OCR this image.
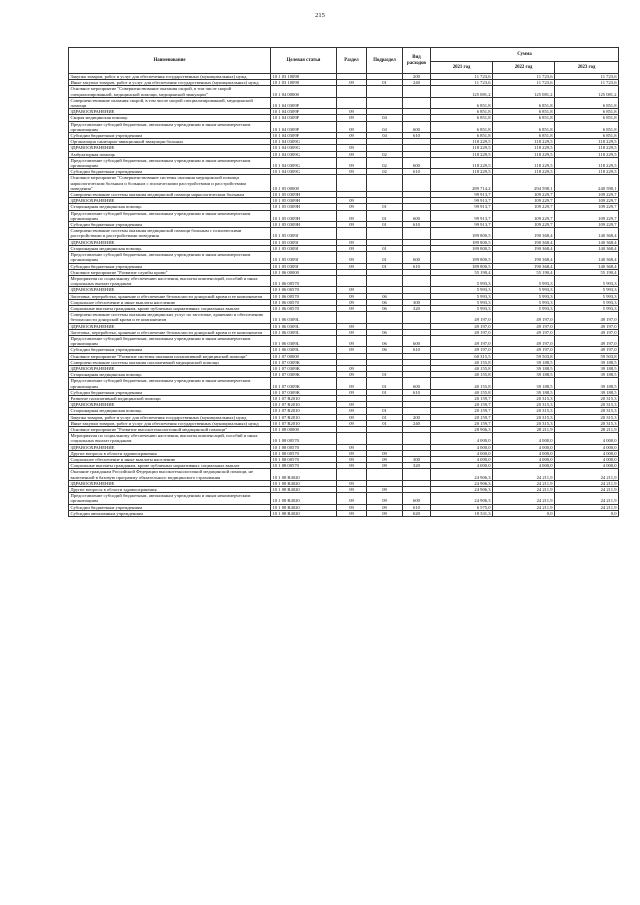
215
Наименование	Целевая статья	Раздел	Подраздел	Вид расходов	Сумма		
					2021 год	2022 год	2023 год
Закупка товаров, работ и услуг для обеспечения государственных (муниципальных) нужд	10 1 03 10098			200	11 723,6	11 723,6	11 723,6
Иные закупки товаров, работ и услуг для обеспечения государственных (муниципальных) нужд	10 1 03 10098	09	01	240	11 723,6	11 723,6	11 723,6
Основное мероприятие "Совершенствование оказания скорой, в том числе скорой специализированной, медицинской помощи, медицинской эвакуации"	10 1 04 00000				125 081,2	125 081,2	125 081,2
Совершенствование оказания скорой, в том числе скорой специализированной, медицинской помощи	10 1 04 0309F				6 851,8	6 851,8	6 851,8
ЗДРАВООХРАНЕНИЕ	10 1 04 0309F	09			6 851,8	6 851,8	6 851,8
Скорая медицинская помощь	10 1 04 0309F	09	04		6 851,8	6 851,8	6 851,8
Предоставление субсидий бюджетным, автономным учреждениям и иным некоммерческим организациям	10 1 04 0309F	09	04	600	6 851,8	6 851,8	6 851,8
Субсидии бюджетным учреждениям	10 1 04 0309F	09	04	610	6 851,8	6 851,8	6 851,8
Организация санитарно-авиационной эвакуации больных	10 1 04 0309G				118 229,5	118 229,5	118 229,5
ЗДРАВООХРАНЕНИЕ	10 1 04 0309G	09			118 229,5	118 229,5	118 229,5
Амбулаторная помощь	10 1 04 0309G	09	02		118 229,5	118 229,5	118 229,5
Предоставление субсидий бюджетным, автономным учреждениям и иным некоммерческим организациям	10 1 04 0309G	09	02	600	118 229,5	118 229,5	118 229,5
Субсидии бюджетным учреждениям	10 1 04 0309G	09	02	610	118 229,5	118 229,5	118 229,5
Основное мероприятие "Совершенствование системы оказания медицинской помощи наркологическим больным и больным с психическими расстройствами и расстройствами поведения"	10 1 05 00000				289 714,2	294 598,1	240 598,1
Совершенствование системы оказания медицинской помощи наркологическим больным	10 1 05 0309H				99 913,7	109 229,7	109 229,7
ЗДРАВООХРАНЕНИЕ	10 1 05 0309H	09			99 913,7	109 229,7	109 229,7
Стационарная медицинская помощь	10 1 05 0309H	09	01		99 913,7	109 229,7	109 229,7
Предоставление субсидий бюджетным, автономным учреждениям и иным некоммерческим организациям	10 1 05 0309H	09	01	600	99 913,7	109 229,7	109 229,7
Субсидии бюджетным учреждениям	10 1 05 0309H	09	01	610	99 913,7	109 229,7	109 229,7
Совершенствование системы оказания медицинской помощи больным с психическими расстройствами и расстройствами поведения	10 1 05 0309J				189 800,5	190 368,4	140 368,4
ЗДРАВООХРАНЕНИЕ	10 1 05 0309J	09			189 800,5	190 368,4	140 368,4
Стационарная медицинская помощь	10 1 05 0309J	09	01		189 800,5	190 368,4	140 368,4
Предоставление субсидий бюджетным, автономным учреждениям и иным некоммерческим организациям	10 1 05 0309J	09	01	600	189 800,5	190 368,4	140 368,4
Субсидии бюджетным учреждениям	10 1 05 0309J	09	01	610	189 800,5	190 368,4	140 368,4
Основное мероприятие "Развитие службы крови"	10 1 06 00000				55 190,4	55 190,4	55 190,4
Мероприятия по социальному обеспечению населения, выплаты компенсаций, пособий и иных социальных выплат гражданам	10 1 06 00570				5 993,3	5 993,3	5 993,3
ЗДРАВООХРАНЕНИЕ	10 1 06 00570	09			5 993,3	5 993,3	5 993,3
Заготовка, переработка, хранение и обеспечение безопасности донорской крови и ее компонентов	10 1 06 00570	09	06		5 993,3	5 993,3	5 993,3
Социальное обеспечение и иные выплаты населению	10 1 06 00570	09	06	300	5 993,3	5 993,3	5 993,3
Социальные выплаты гражданам, кроме публичных нормативных социальных выплат	10 1 06 00570	09	06	320	5 993,3	5 993,3	5 993,3
Совершенствование системы оказания медицинских услуг по заготовке, хранению и обеспечению безопасности донорской крови и ее компонентов	10 1 06 0309L				49 197,0	49 197,0	49 197,0
ЗДРАВООХРАНЕНИЕ	10 1 06 0309L	09			49 197,0	49 197,0	49 197,0
Заготовка, переработка, хранение и обеспечение безопасности донорской крови и ее компонентов	10 1 06 0309L	09	06		49 197,0	49 197,0	49 197,0
Предоставление субсидий бюджетным, автономным учреждениям и иным некоммерческим организациям	10 1 06 0309L	09	06	600	49 197,0	49 197,0	49 197,0
Субсидии бюджетным учреждениям	10 1 06 0309L	09	06	610	49 197,0	49 197,0	49 197,0
Основное мероприятие "Развитие системы оказания паллиативной медицинской помощи"	10 1 07 00000				60 315,5	59 503,8	59 503,8
Совершенствование системы оказания паллиативной медицинской помощи	10 1 07 0309K				40 155,8	39 188,5	39 188,5
ЗДРАВООХРАНЕНИЕ	10 1 07 0309K	09			40 155,8	39 188,5	39 188,5
Стационарная медицинская помощь	10 1 07 0309K	09	01		40 155,8	39 188,5	39 188,5
Предоставление субсидий бюджетным, автономным учреждениям и иным некоммерческим организациям	10 1 07 0309K	09	01	600	40 155,8	39 188,5	39 188,5
Субсидии бюджетным учреждениям	10 1 07 0309K	09	01	610	40 155,8	39 188,5	39 188,5
Развитие паллиативной медицинской помощи	10 1 07 R2010				20 159,7	20 315,3	20 315,3
ЗДРАВООХРАНЕНИЕ	10 1 07 R2010	09			20 159,7	20 315,3	20 315,3
Стационарная медицинская помощь	10 1 07 R2010	09	01		20 159,7	20 315,3	20 315,3
Закупка товаров, работ и услуг для обеспечения государственных (муниципальных) нужд	10 1 07 R2010	09	01	200	20 159,7	20 315,3	20 315,3
Иные закупки товаров, работ и услуг для обеспечения государственных (муниципальных) нужд	10 1 07 R2010	09	01	240	20 159,7	20 315,3	20 315,3
Основное мероприятие "Развитие высокотехнологичной медицинской помощи"	10 1 08 00000				28 906,3	28 211,9	28 211,9
Мероприятия по социальному обеспечению населения, выплаты компенсаций, пособий и иных социальных выплат гражданам	10 1 08 00570				4 000,0	4 000,0	4 000,0
ЗДРАВООХРАНЕНИЕ	10 1 08 00570	09			4 000,0	4 000,0	4 000,0
Другие вопросы в области здравоохранения	10 1 08 00570	09	09		4 000,0	4 000,0	4 000,0
Социальное обеспечение и иные выплаты населению	10 1 08 00570	09	09	300	4 000,0	4 000,0	4 000,0
Социальные выплаты гражданам, кроме публичных нормативных социальных выплат	10 1 08 00570	09	09	320	4 000,0	4 000,0	4 000,0
Оказание гражданам Российской Федерации высокотехнологичной медицинской помощи, не включенной в базовую программу обязательного медицинского страхования	10 1 08 R4020				24 906,3	24 211,9	24 211,9
ЗДРАВООХРАНЕНИЕ	10 1 08 R4020	09			24 906,3	24 211,9	24 211,9
Другие вопросы в области здравоохранения	10 1 08 R4020	09	09		24 906,3	24 211,9	24 211,9
Предоставление субсидий бюджетным, автономным учреждениям и иным некоммерческим организациям	10 1 08 R4020	09	09	600	24 906,3	24 211,9	24 211,9
Субсидии бюджетным учреждениям	10 1 08 R4020	09	09	610	6 575,0	24 211,9	24 211,9
Субсидии автономным учреждениям	10 1 08 R4020	09	09	620	18 331,3	0,0	0,0
